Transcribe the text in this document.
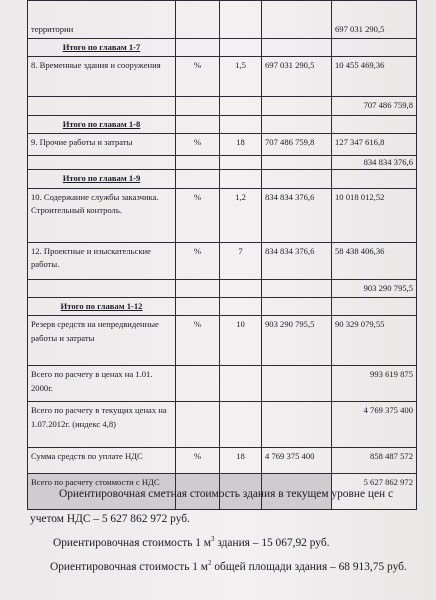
территории				697 031 290,5
Итого по главам 1-7				
8. Временные здания и сооружения	%	1,5	697 031 290,5	10 455 469,36
				707 486 759,8
Итого по главам 1-8				
9. Прочие работы и затраты	%	18	707 486 759,8	127 347 616,8
				834 834 376,6
Итого по главам 1-9				
10. Содержание службы заказчика. Строительный контроль.	%	1,2	834 834 376,6	10 018 012,52
12. Проектные и изыскательские работы.	%	7	834 834 376,6	58 438 406,36
				903 290 795,5
Итого по главам 1-12				
Резерв средств на непредвиденные работы и затраты	%	10	903 290 795,5	90 329 079,55
Всего по расчету в ценах на 1.01. 2000г.				993 619 875
Всего по расчету в текущих ценах на 1.07.2012г. (индекс 4,8)				4 769 375 400
Сумма средств по уплате НДС	%	18	4 769 375 400	858 487 572
Всего по расчету стоимости с НДС				5 627 862 972
Ориентировочная сметная стоимость здания в текущем уровне цен с
учетом НДС – 5 627 862 972 руб.
Ориентировочная стоимость 1 $м^3$ здания – 15 067,92 руб.
Ориентировочная стоимость 1 $м^2$ общей площади здания – 68 913,75 руб.
